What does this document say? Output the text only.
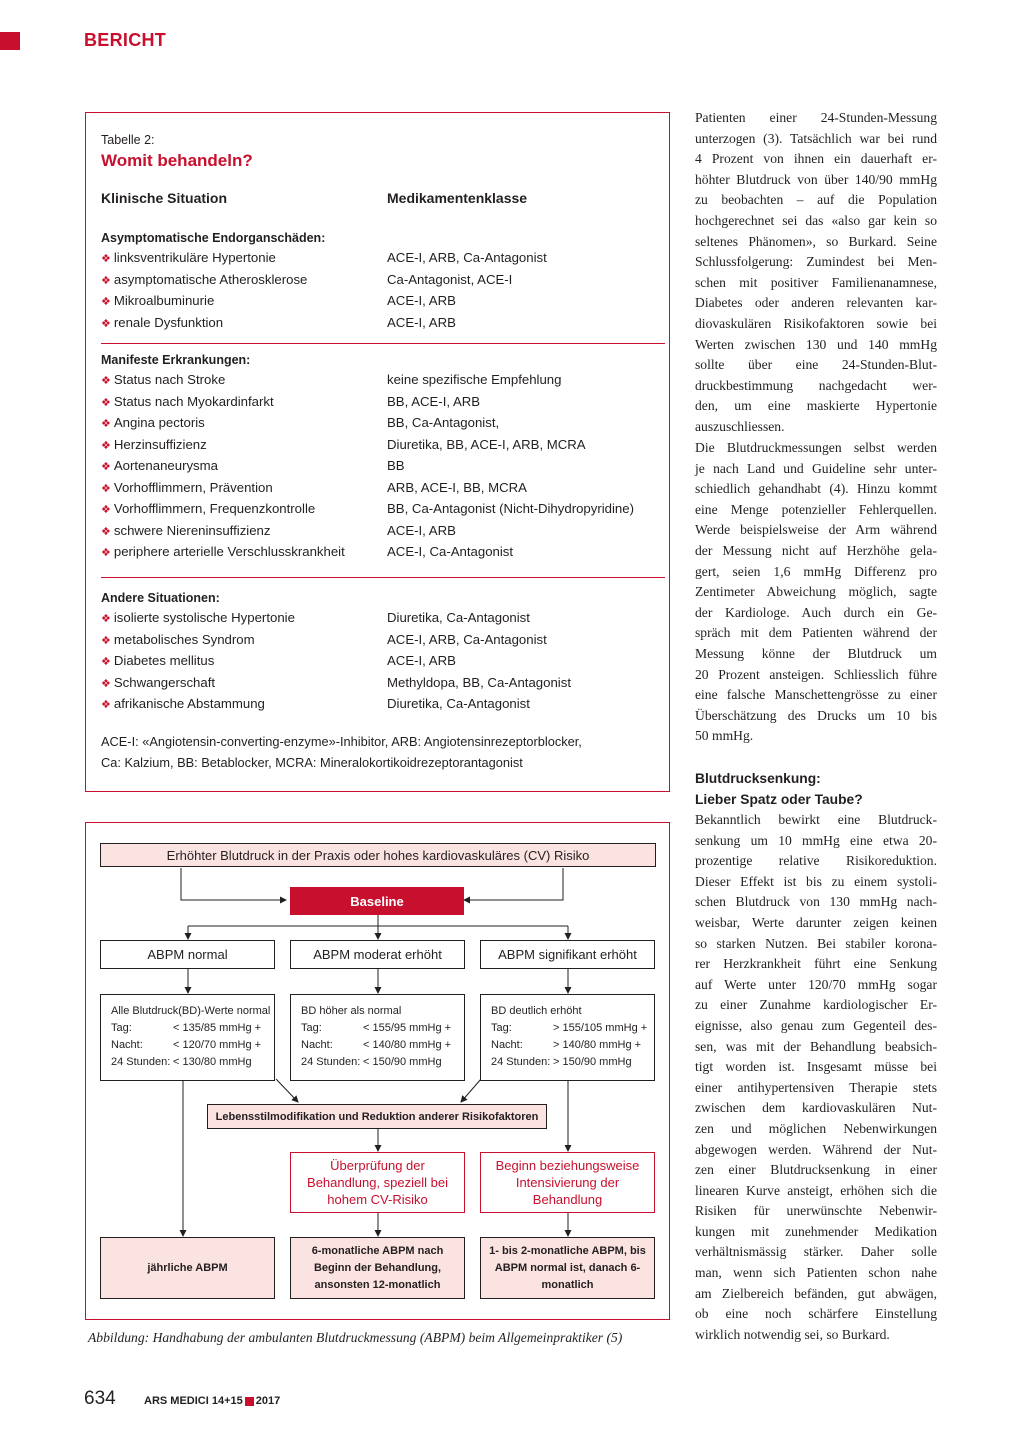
BERICHT
Tabelle 2:
Womit behandeln?
Klinische Situation	Medikamentenklasse
Asymptomatische Endorganschäden:
❖ linksventrikuläre Hypertonie	ACE-I, ARB, Ca-Antagonist
❖ asymptomatische Atherosklerose	Ca-Antagonist, ACE-I
❖ Mikroalbuminurie	ACE-I, ARB
❖ renale Dysfunktion	ACE-I, ARB
Manifeste Erkrankungen:
❖ Status nach Stroke	keine spezifische Empfehlung
❖ Status nach Myokardinfarkt	BB, ACE-I, ARB
❖ Angina pectoris	BB, Ca-Antagonist,
❖ Herzinsuffizienz	Diuretika, BB, ACE-I, ARB, MCRA
❖ Aortenaneurysma	BB
❖ Vorhofflimmern, Prävention	ARB, ACE-I, BB, MCRA
❖ Vorhofflimmern, Frequenzkontrolle	BB, Ca-Antagonist (Nicht-Dihydropyridine)
❖ schwere Niereninsuffizienz	ACE-I, ARB
❖ periphere arterielle Verschlusskrankheit	ACE-I, Ca-Antagonist
Andere Situationen:
❖ isolierte systolische Hypertonie	Diuretika, Ca-Antagonist
❖ metabolisches Syndrom	ACE-I, ARB, Ca-Antagonist
❖ Diabetes mellitus	ACE-I, ARB
❖ Schwangerschaft	Methyldopa, BB, Ca-Antagonist
❖ afrikanische Abstammung	Diuretika, Ca-Antagonist
ACE-I: «Angiotensin-converting-enzyme»-Inhibitor, ARB: Angiotensinrezeptorblocker,
Ca: Kalzium, BB: Betablocker, MCRA: Mineralokortikoidrezeptorantagonist
Erhöhter Blutdruck in der Praxis oder hohes kardiovaskuläres (CV) Risiko
Baseline
ABPM normal	ABPM moderat erhöht	ABPM signifikant erhöht
Alle Blutdruck(BD)-Werte normal
Tag:	< 135/85 mmHg +
Nacht:	< 120/70 mmHg +
24 Stunden: < 130/80 mmHg
BD höher als normal
Tag:	< 155/95 mmHg +
Nacht:	< 140/80 mmHg +
24 Stunden: < 150/90 mmHg
BD deutlich erhöht
Tag:	> 155/105 mmHg +
Nacht:	> 140/80 mmHg +
24 Stunden: > 150/90 mmHg
Lebensstilmodifikation und Reduktion anderer Risikofaktoren
Überprüfung der Behandlung, speziell bei hohem CV-Risiko
Beginn beziehungsweise Intensivierung der Behandlung
jährliche ABPM
6-monatliche ABPM nach Beginn der Behandlung, ansonsten 12-monatlich
1- bis 2-monatliche ABPM, bis ABPM normal ist, danach 6-monatlich
Abbildung: Handhabung der ambulanten Blutdruckmessung (ABPM) beim Allgemeinpraktiker (5)
Patienten einer 24-Stunden-Messung
unterzogen (3). Tatsächlich war bei rund
4 Prozent von ihnen ein dauerhaft er-
höhter Blutdruck von über 140/90 mmHg
zu beobachten – auf die Population
hochgerechnet sei das «also gar kein so
seltenes Phänomen», so Burkard. Seine
Schlussfolgerung: Zumindest bei Men-
schen mit positiver Familienanamnese,
Diabetes oder anderen relevanten kar-
diovaskulären Risikofaktoren sowie bei
Werten zwischen 130 und 140 mmHg
sollte über eine 24-Stunden-Blut-
druckbestimmung nachgedacht wer-
den, um eine maskierte Hypertonie
auszuschliessen.
Die Blutdruckmessungen selbst werden
je nach Land und Guideline sehr unter-
schiedlich gehandhabt (4). Hinzu kommt
eine Menge potenzieller Fehlerquellen.
Werde beispielsweise der Arm während
der Messung nicht auf Herzhöhe gela-
gert, seien 1,6 mmHg Differenz pro
Zentimeter Abweichung möglich, sagte
der Kardiologe. Auch durch ein Ge-
spräch mit dem Patienten während der
Messung könne der Blutdruck um
20 Prozent ansteigen. Schliesslich führe
eine falsche Manschettengrösse zu einer
Überschätzung des Drucks um 10 bis
50 mmHg.
Blutdrucksenkung:
Lieber Spatz oder Taube?
Bekanntlich bewirkt eine Blutdruck-
senkung um 10 mmHg eine etwa 20-
prozentige relative Risikoreduktion.
Dieser Effekt ist bis zu einem systoli-
schen Blutdruck von 130 mmHg nach-
weisbar, Werte darunter zeigen keinen
so starken Nutzen. Bei stabiler korona-
rer Herzkrankheit führt eine Senkung
auf Werte unter 120/70 mmHg sogar
zu einer Zunahme kardiologischer Er-
eignisse, also genau zum Gegenteil des-
sen, was mit der Behandlung beabsich-
tigt worden ist. Insgesamt müsse bei
einer antihypertensiven Therapie stets
zwischen dem kardiovaskulären Nut-
zen und möglichen Nebenwirkungen
abgewogen werden. Während der Nut-
zen einer Blutdrucksenkung in einer
linearen Kurve ansteigt, erhöhen sich die
Risiken für unerwünschte Nebenwir-
kungen mit zunehmender Medikation
verhältnismässig stärker. Daher solle
man, wenn sich Patienten schon nahe
am Zielbereich befänden, gut abwägen,
ob eine noch schärfere Einstellung
wirklich notwendig sei, so Burkard.
634	ARS MEDICI 14+15 2017
